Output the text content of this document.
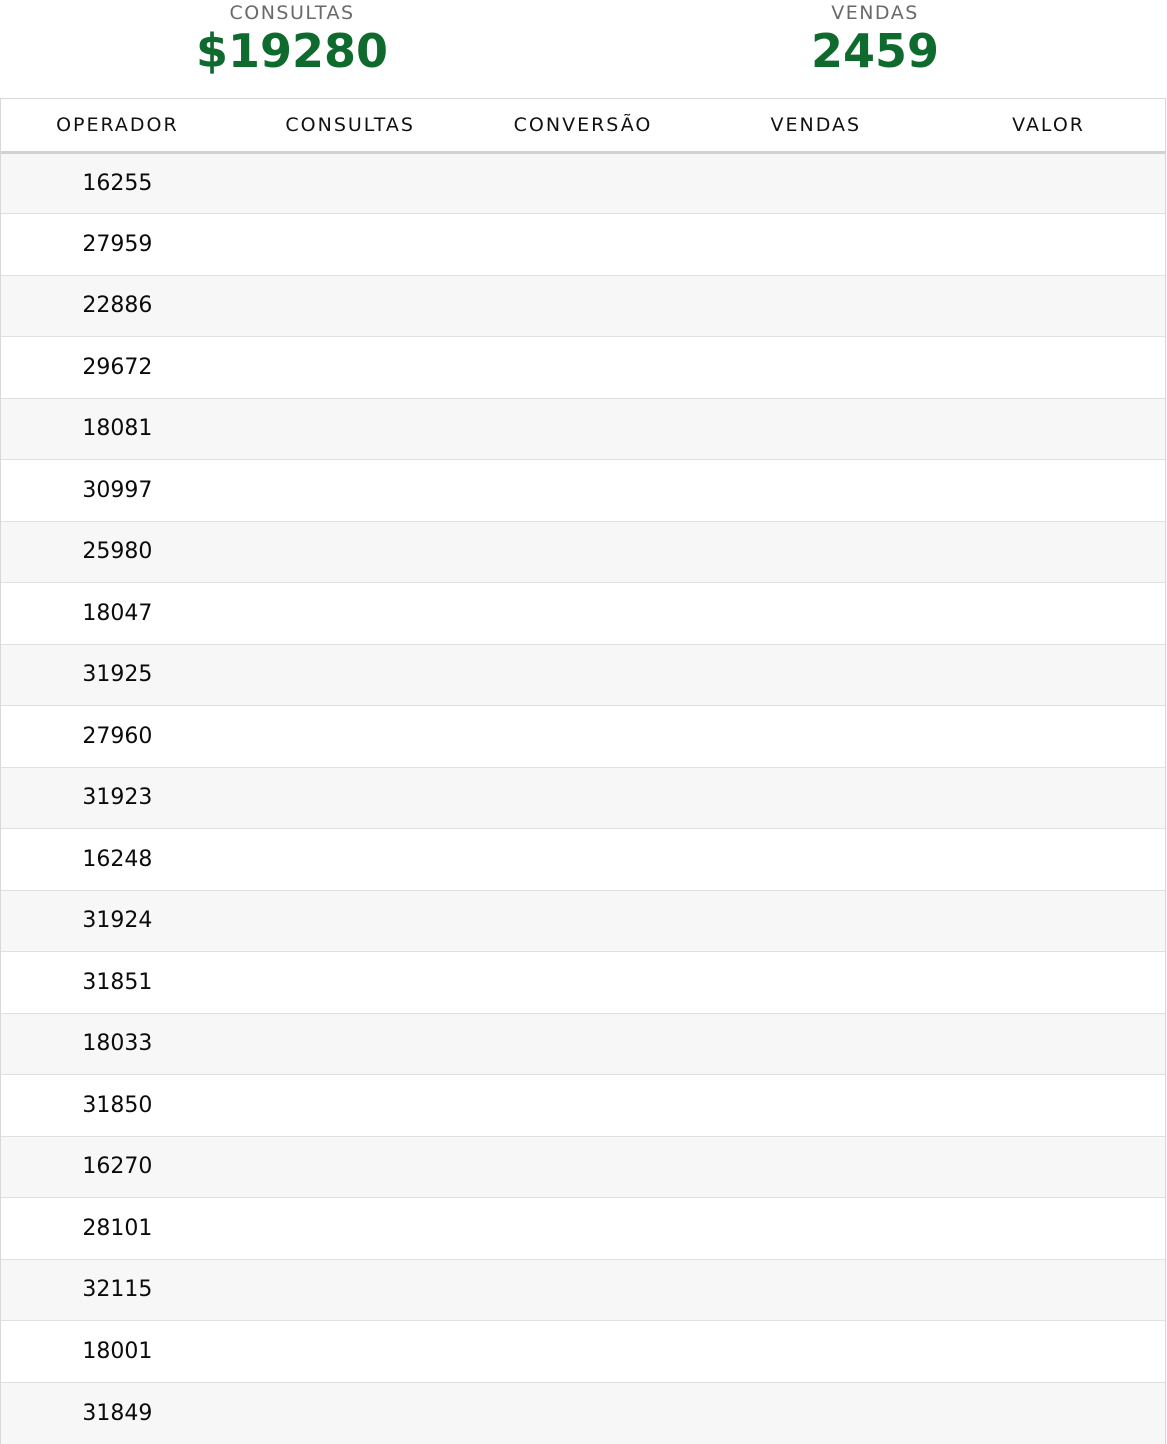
CONSULTAS
$19280
VENDAS
2459
OPERADOR	CONSULTAS	CONVERSÃO	VENDAS	VALOR
16255				
27959				
22886				
29672				
18081				
30997				
25980				
18047				
31925				
27960				
31923				
16248				
31924				
31851				
18033				
31850				
16270				
28101				
32115				
18001				
31849				
